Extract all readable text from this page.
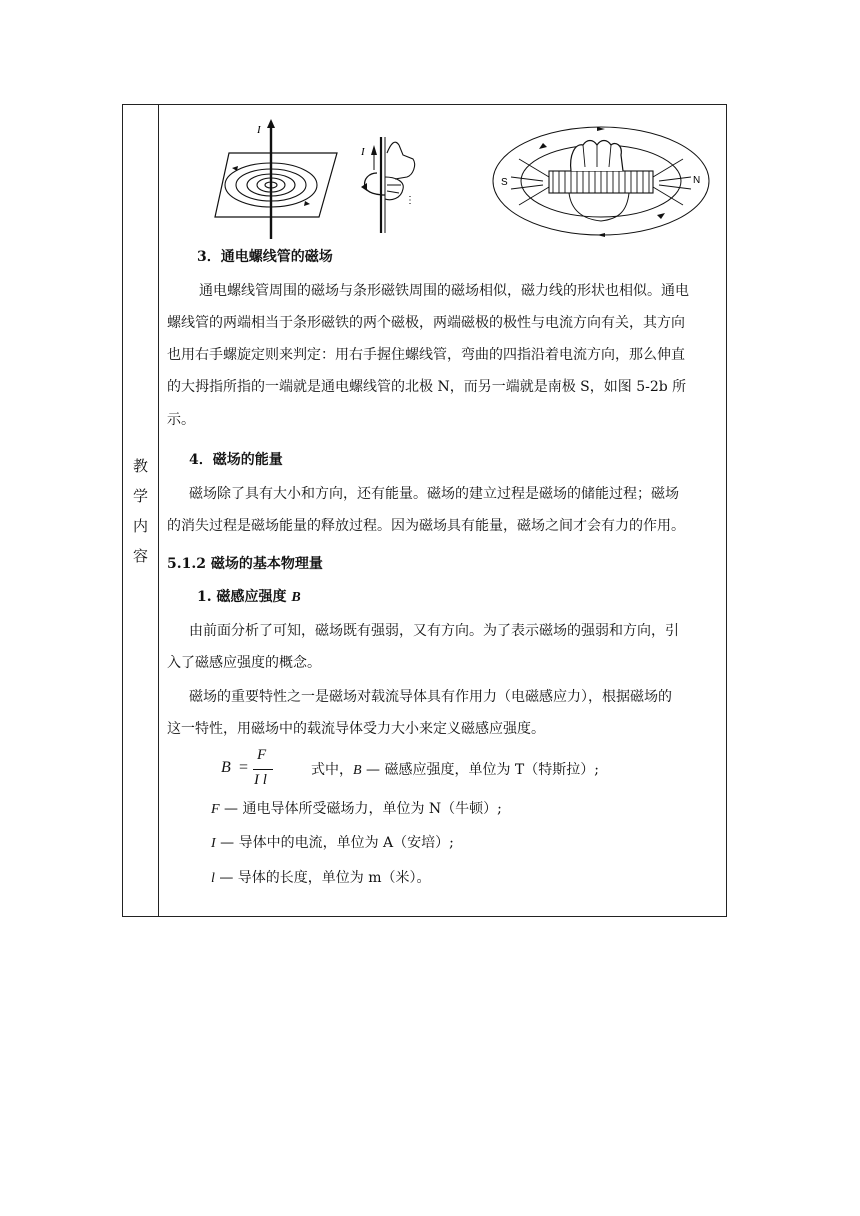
教
学
内
容
I
I
⋮
S	N
3．通电螺线管的磁场
通电螺线管周围的磁场与条形磁铁周围的磁场相似，磁力线的形状也相似。通电
螺线管的两端相当于条形磁铁的两个磁极，两端磁极的极性与电流方向有关，其方向
也用右手螺旋定则来判定：用右手握住螺线管，弯曲的四指沿着电流方向，那么伸直
的大拇指所指的一端就是通电螺线管的北极 N，而另一端就是南极 S，如图 5-2b 所
示。
4．磁场的能量
磁场除了具有大小和方向，还有能量。磁场的建立过程是磁场的储能过程；磁场
的消失过程是磁场能量的释放过程。因为磁场具有能量，磁场之间才会有力的作用。
5.1.2 磁场的基本物理量
1. 磁感应强度 B
由前面分析了可知，磁场既有强弱，又有方向。为了表示磁场的强弱和方向，引
入了磁感应强度的概念。
磁场的重要特性之一是磁场对载流导体具有作用力（电磁感应力），根据磁场的
这一特性，用磁场中的载流导体受力大小来定义磁感应强度。
B =
F
I l
式中，B — 磁感应强度，单位为 T（特斯拉）;
F — 通电导体所受磁场力，单位为 N（牛顿）;
I — 导体中的电流，单位为 A（安培）;
l — 导体的长度，单位为 m（米）。
